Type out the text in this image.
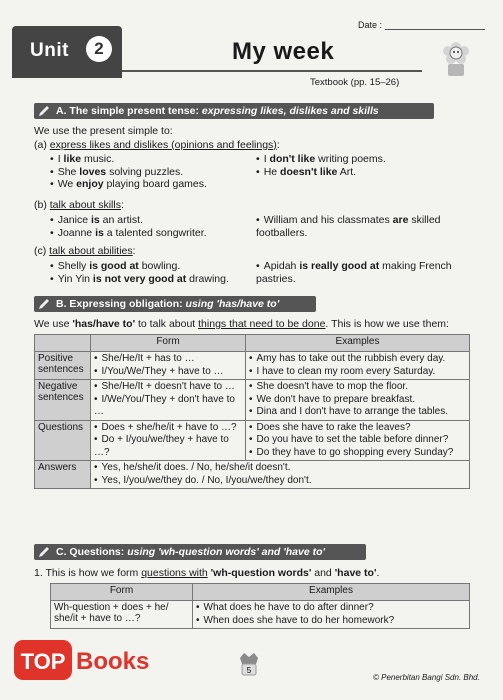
Date :
Unit	2	My week
Textbook (pp. 15–26)
A. The simple present tense: expressing likes, dislikes and skills
We use the present simple to:
(a) express likes and dislikes (opinions and feelings):
• I like music.
• She loves solving puzzles.
• We enjoy playing board games.
• I don't like writing poems.
• He doesn't like Art.
(b) talk about skills:
• Janice is an artist.
• Joanne is a talented songwriter.
• William and his classmates are skilled footballers.
(c) talk about abilities:
• Shelly is good at bowling.
• Yin Yin is not very good at drawing.
• Apidah is really good at making French pastries.
B. Expressing obligation: using 'has/have to'
We use 'has/have to' to talk about things that need to be done. This is how we use them:
	Form	Examples
Positive sentences	• She/He/It + has to …
• I/You/We/They + have to …	• Amy has to take out the rubbish every day.
• I have to clean my room every Saturday.

Negative sentences	• She/He/It + doesn't have to …
• I/We/You/They + don't have to …	• She doesn't have to mop the floor.
• We don't have to prepare breakfast.
• Dina and I don't have to arrange the tables.

Questions	• Does + she/he/it + have to …?
• Do + I/you/we/they + have to …?	• Does she have to rake the leaves?
• Do you have to set the table before dinner?
• Do they have to go shopping every Sunday?

Answers	• Yes, he/she/it does. / No, he/she/it doesn't.
• Yes, I/you/we/they do. / No, I/you/we/they don't.
C. Questions: using 'wh-question words' and 'have to'
1. This is how we form questions with 'wh-question words' and 'have to'.
Form	Examples
Wh-question + does + he/ she/it + have to …?	• What does he have to do after dinner?
• When does she have to do her homework?
TOP Books	5
© Penerbitan Bangi Sdn. Bhd.
